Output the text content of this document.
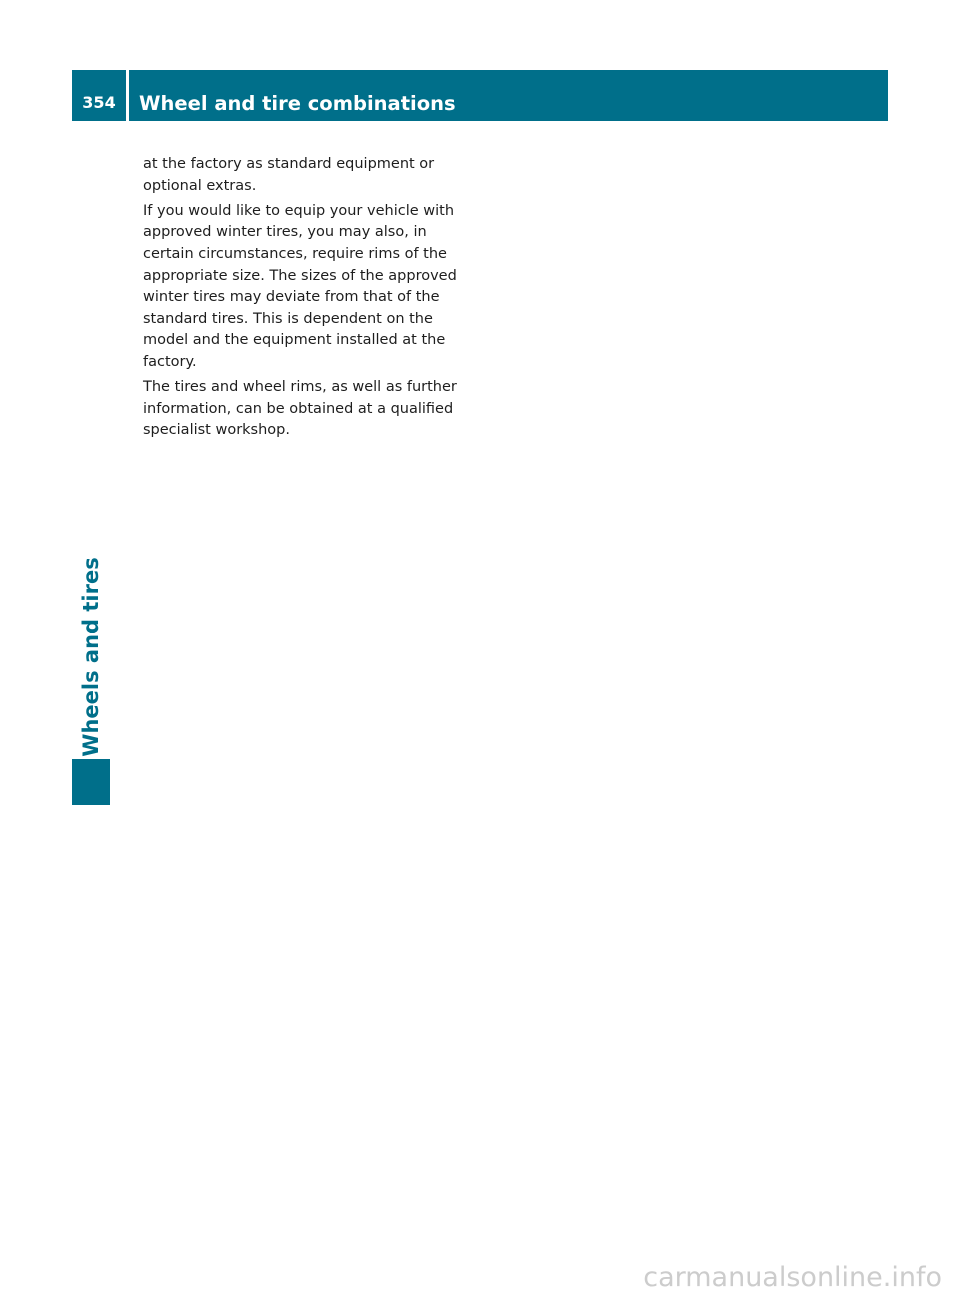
354	Wheel and tire combinations
Wheels and tires

at the factory as standard equipment or
optional extras.

If you would like to equip your vehicle with
approved winter tires, you may also, in
certain circumstances, require rims of the
appropriate size. The sizes of the approved
winter tires may deviate from that of the
standard tires. This is dependent on the
model and the equipment installed at the
factory.

The tires and wheel rims, as well as further
information, can be obtained at a qualified
specialist workshop.

carmanualsonline.info
